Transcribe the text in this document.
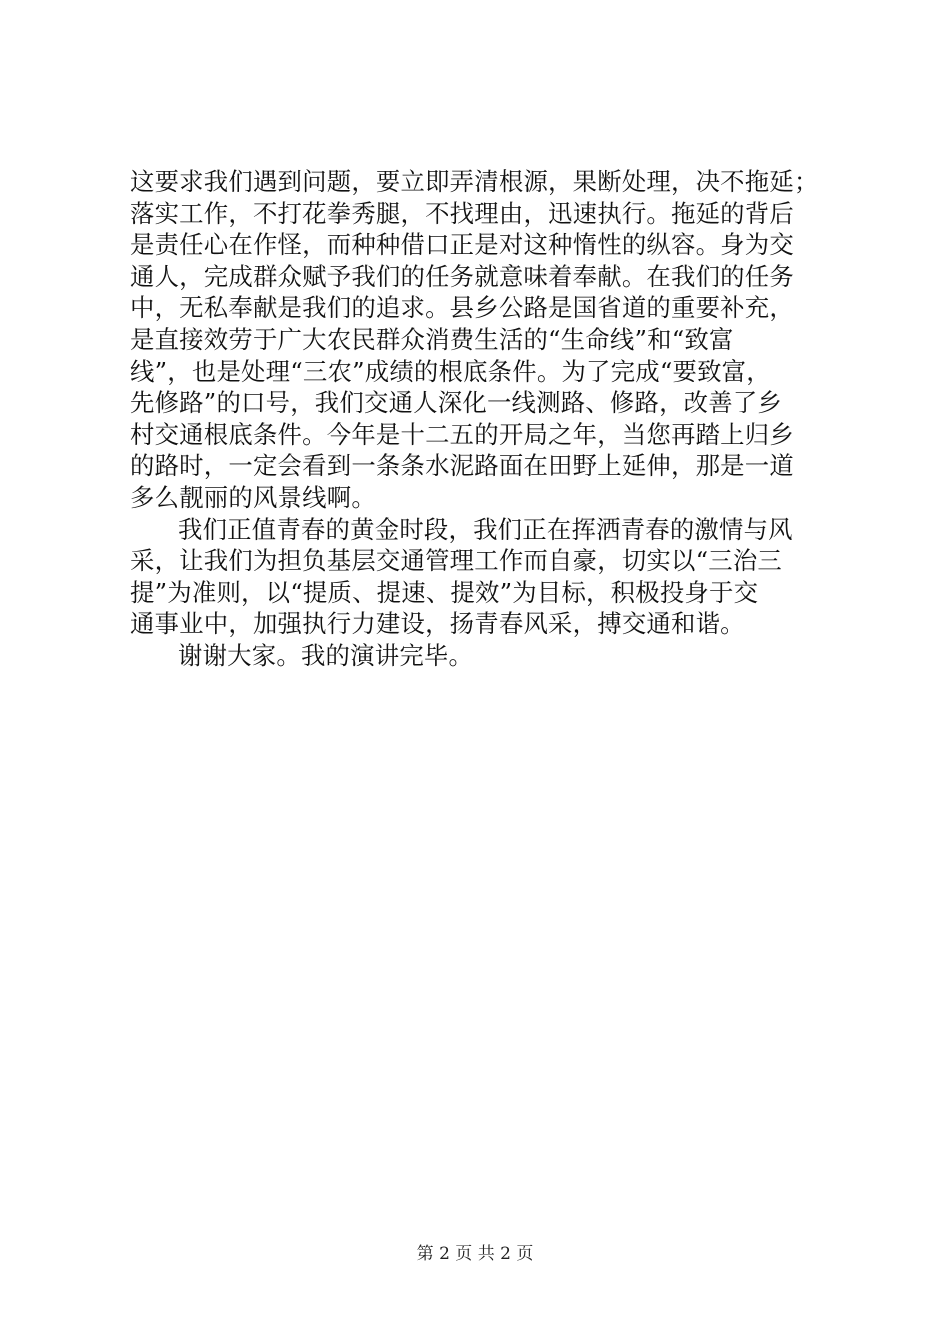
这要求我们遇到问题，要立即弄清根源，果断处理，决不拖延；
落实工作，不打花拳秀腿，不找理由，迅速执行。拖延的背后
是责任心在作怪，而种种借口正是对这种惰性的纵容。身为交
通人，完成群众赋予我们的任务就意味着奉献。在我们的任务
中，无私奉献是我们的追求。县乡公路是国省道的重要补充，
是直接效劳于广大农民群众消费生活的“生命线”和“致富
线”，也是处理“三农”成绩的根底条件。为了完成“要致富，
先修路”的口号，我们交通人深化一线测路、修路，改善了乡
村交通根底条件。今年是十二五的开局之年，当您再踏上归乡
的路时，一定会看到一条条水泥路面在田野上延伸，那是一道
多么靓丽的风景线啊。
我们正值青春的黄金时段，我们正在挥洒青春的激情与风
采，让我们为担负基层交通管理工作而自豪，切实以“三治三
提”为准则，以“提质、提速、提效”为目标，积极投身于交
通事业中，加强执行力建设，扬青春风采，搏交通和谐。
谢谢大家。我的演讲完毕。
第 2 页 共 2 页
